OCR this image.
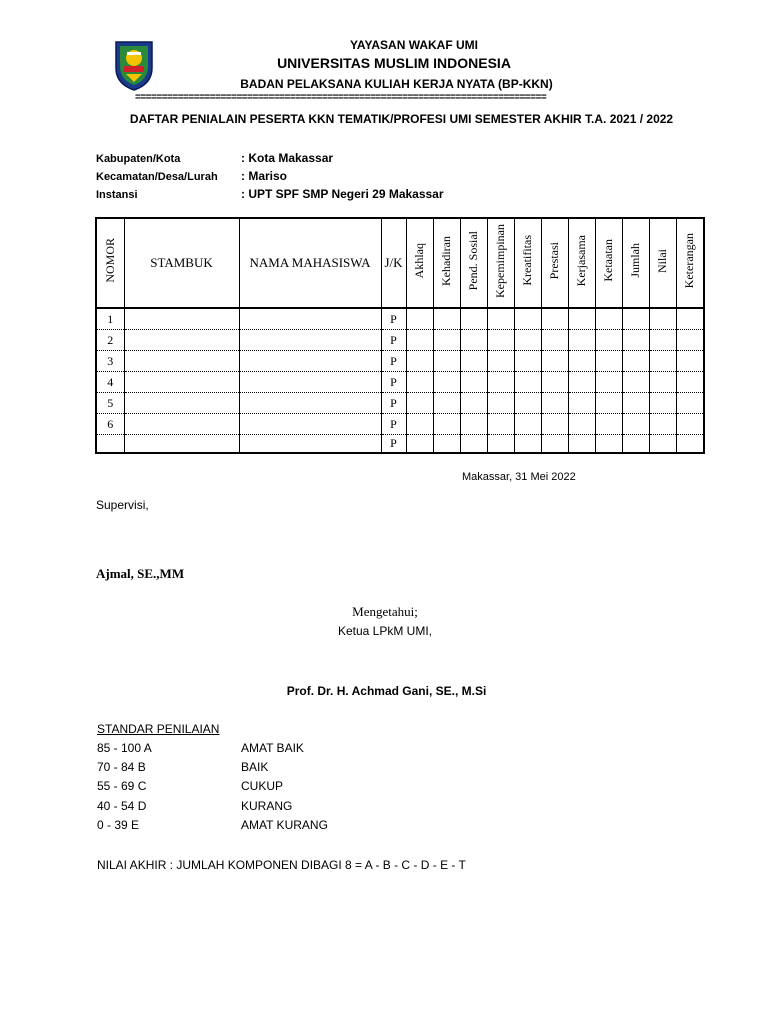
YAYASAN WAKAF UMI
UNIVERSITAS MUSLIM INDONESIA
BADAN PELAKSANA KULIAH KERJA NYATA (BP-KKN)
=============================================================================
DAFTAR PENIALAIN PESERTA KKN TEMATIK/PROFESI UMI SEMESTER AKHIR T.A. 2021 / 2022
Kabupaten/Kota	: Kota Makassar
Kecamatan/Desa/Lurah : Mariso
Instansi	: UPT SPF SMP Negeri 29 Makassar
NOMOR	STAMBUK	NAMA MAHASISWA	J/K	Akhlaq	Kehadiran	Pend. Sosial	Kepemimpinan	Kreatifitas	Prestasi	Kerjasama	Ketaatan	Jumlah	Nilai	Keterangan
1			P											
2			P											
3			P											
4			P											
5			P											
6			P											
			P											
Makassar, 31 Mei 2022
Supervisi,
Ajmal, SE.,MM
Mengetahui;
Ketua LPkM UMI,
Prof. Dr. H. Achmad Gani, SE., M.Si
STANDAR PENILAIAN
85 - 100 A	AMAT BAIK
70 - 84 B	BAIK
55 - 69 C	CUKUP
40 - 54 D	KURANG
0 - 39 E	AMAT KURANG
NILAI AKHIR : JUMLAH KOMPONEN DIBAGI 8 = A - B - C - D - E - T
